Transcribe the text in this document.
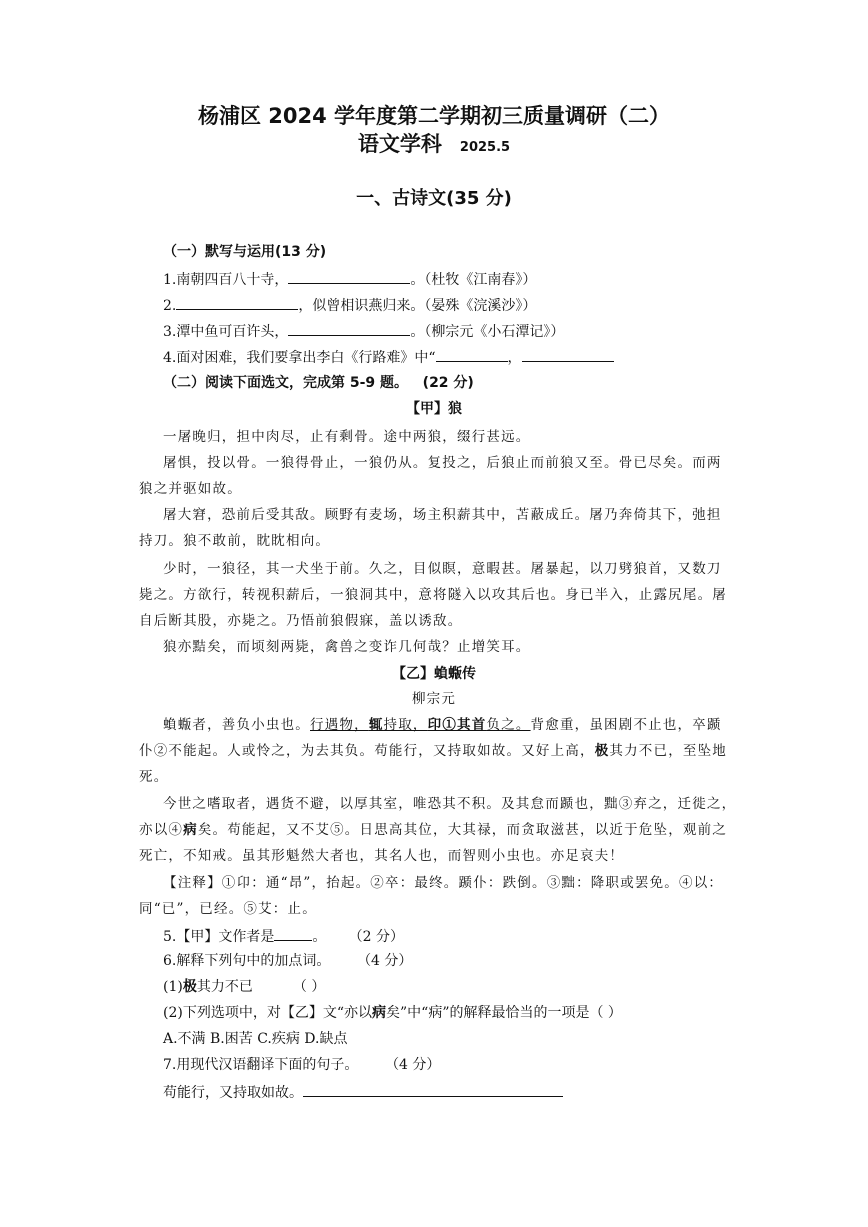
杨浦区 2024 学年度第二学期初三质量调研（二）
语文学科 2025.5
一、古诗文(35 分)
（一）默写与运用(13 分)
1.南朝四百八十寺，	。（杜牧《江南春》）
2.	，似曾相识燕归来。（晏殊《浣溪沙》）
3.潭中鱼可百许头，	。（柳宗元《小石潭记》）
4.面对困难，我们要拿出李白《行路难》中“	，
（二）阅读下面选文，完成第 5-9 题。 (22 分)
【甲】狼
一屠晚归，担中肉尽，止有剩骨。途中两狼，缀行甚远。
屠惧，投以骨。一狼得骨止，一狼仍从。复投之，后狼止而前狼又至。骨已尽矣。而两
狼之并驱如故。
屠大窘，恐前后受其敌。顾野有麦场，场主积薪其中，苫蔽成丘。屠乃奔倚其下，弛担
持刀。狼不敢前，眈眈相向。
少时，一狼径，其一犬坐于前。久之，目似瞑，意暇甚。屠暴起，以刀劈狼首，又数刀
毙之。方欲行，转视积薪后，一狼洞其中，意将隧入以攻其后也。身已半入，止露尻尾。屠
自后断其股，亦毙之。乃悟前狼假寐，盖以诱敌。
狼亦黠矣，而顷刻两毙，禽兽之变诈几何哉？止增笑耳。
【乙】蝜蝂传
柳宗元
蝜蝂者，善负小虫也。行遇物，辄持取，印①其首负之。背愈重，虽困剧不止也，卒踬
仆②不能起。人或怜之，为去其负。苟能行，又持取如故。又好上高，极其力不已，至坠地
死。
今世之嗜取者，遇货不避，以厚其室，唯恐其不积。及其怠而踬也，黜③弃之，迁徙之，
亦以④病矣。苟能起，又不艾⑤。日思高其位，大其禄，而贪取滋甚，以近于危坠，观前之
死亡，不知戒。虽其形魁然大者也，其名人也，而智则小虫也。亦足哀夫！
【注释】①卬：通“昂”，抬起。②卒：最终。踬仆：跌倒。③黜：降职或罢免。④以：
同“已”，已经。⑤艾：止。
5.【甲】文作者是	。 （2 分）
6.解释下列句中的加点词。 （4 分）
(1)极其力不已	（ ）
(2)下列选项中，对【乙】文“亦以病矣”中“病”的解释最恰当的一项是（ ）
A.不满 B.困苦 C.疾病 D.缺点
7.用现代汉语翻译下面的句子。 （4 分）
苟能行，又持取如故。
